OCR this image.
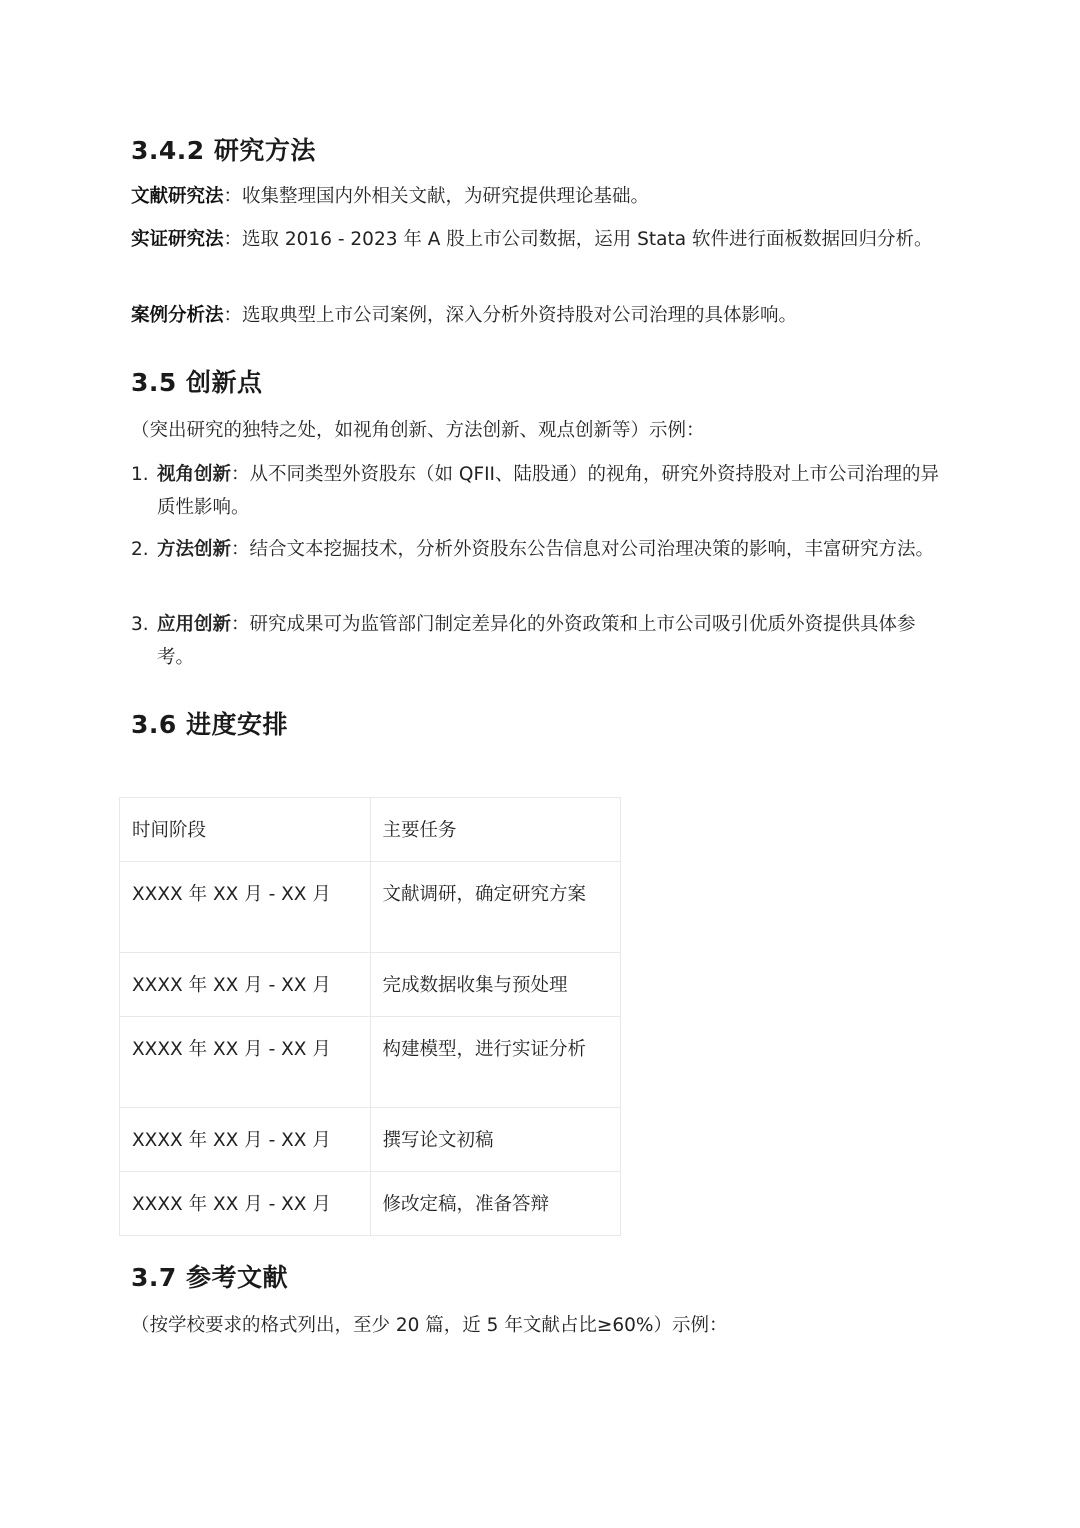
3.4.2 研究方法
文献研究法：收集整理国内外相关文献，为研究提供理论基础。
实证研究法：选取 2016 - 2023 年 A 股上市公司数据，运用 Stata 软件进行面板数据回归分析。
案例分析法：选取典型上市公司案例，深入分析外资持股对公司治理的具体影响。
3.5 创新点
（突出研究的独特之处，如视角创新、方法创新、观点创新等）示例：
1. 视角创新：从不同类型外资股东（如 QFII、陆股通）的视角，研究外资持股对上市公司治理的异质性影响。
2. 方法创新：结合文本挖掘技术，分析外资股东公告信息对公司治理决策的影响，丰富研究方法。
3. 应用创新：研究成果可为监管部门制定差异化的外资政策和上市公司吸引优质外资提供具体参考。
3.6 进度安排
时间阶段	主要任务
XXXX 年 XX 月 - XX 月	文献调研，确定研究方案
XXXX 年 XX 月 - XX 月	完成数据收集与预处理
XXXX 年 XX 月 - XX 月	构建模型，进行实证分析
XXXX 年 XX 月 - XX 月	撰写论文初稿
XXXX 年 XX 月 - XX 月	修改定稿，准备答辩
3.7 参考文献
（按学校要求的格式列出，至少 20 篇，近 5 年文献占比≥60%）示例：
